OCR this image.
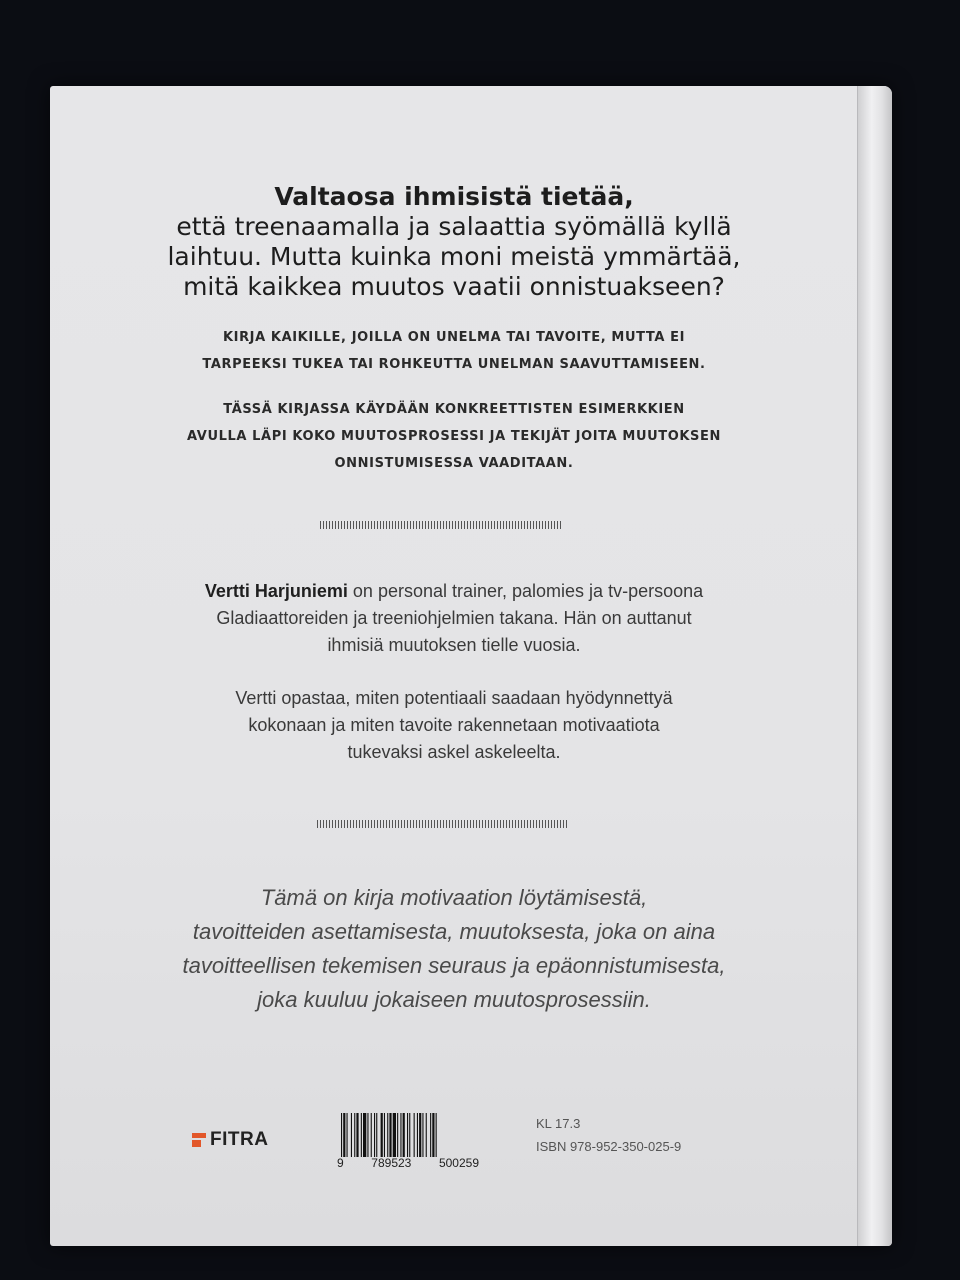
Valtaosa ihmisistä tietää,
että treenaamalla ja salaattia syömällä kyllä
laihtuu. Mutta kuinka moni meistä ymmärtää,
mitä kaikkea muutos vaatii onnistuakseen?
KIRJA KAIKILLE, JOILLA ON UNELMA TAI TAVOITE, MUTTA EI
TARPEEKSI TUKEA TAI ROHKEUTTA UNELMAN SAAVUTTAMISEEN.
TÄSSÄ KIRJASSA KÄYDÄÄN KONKREETTISTEN ESIMERKKIEN
AVULLA LÄPI KOKO MUUTOSPROSESSI JA TEKIJÄT JOITA MUUTOKSEN
ONNISTUMISESSA VAADITAAN.
Vertti Harjuniemi on personal trainer, palomies ja tv-persoona
Gladiaattoreiden ja treeniohjelmien takana. Hän on auttanut
ihmisiä muutoksen tielle vuosia.
Vertti opastaa, miten potentiaali saadaan hyödynnettyä
kokonaan ja miten tavoite rakennetaan motivaatiota
tukevaksi askel askeleelta.
Tämä on kirja motivaation löytämisestä,
tavoitteiden asettamisesta, muutoksesta, joka on aina
tavoitteellisen tekemisen seuraus ja epäonnistumisesta,
joka kuuluu jokaiseen muutosprosessiin.
FITRA
9 789523 500259
KL 17.3
ISBN 978-952-350-025-9
